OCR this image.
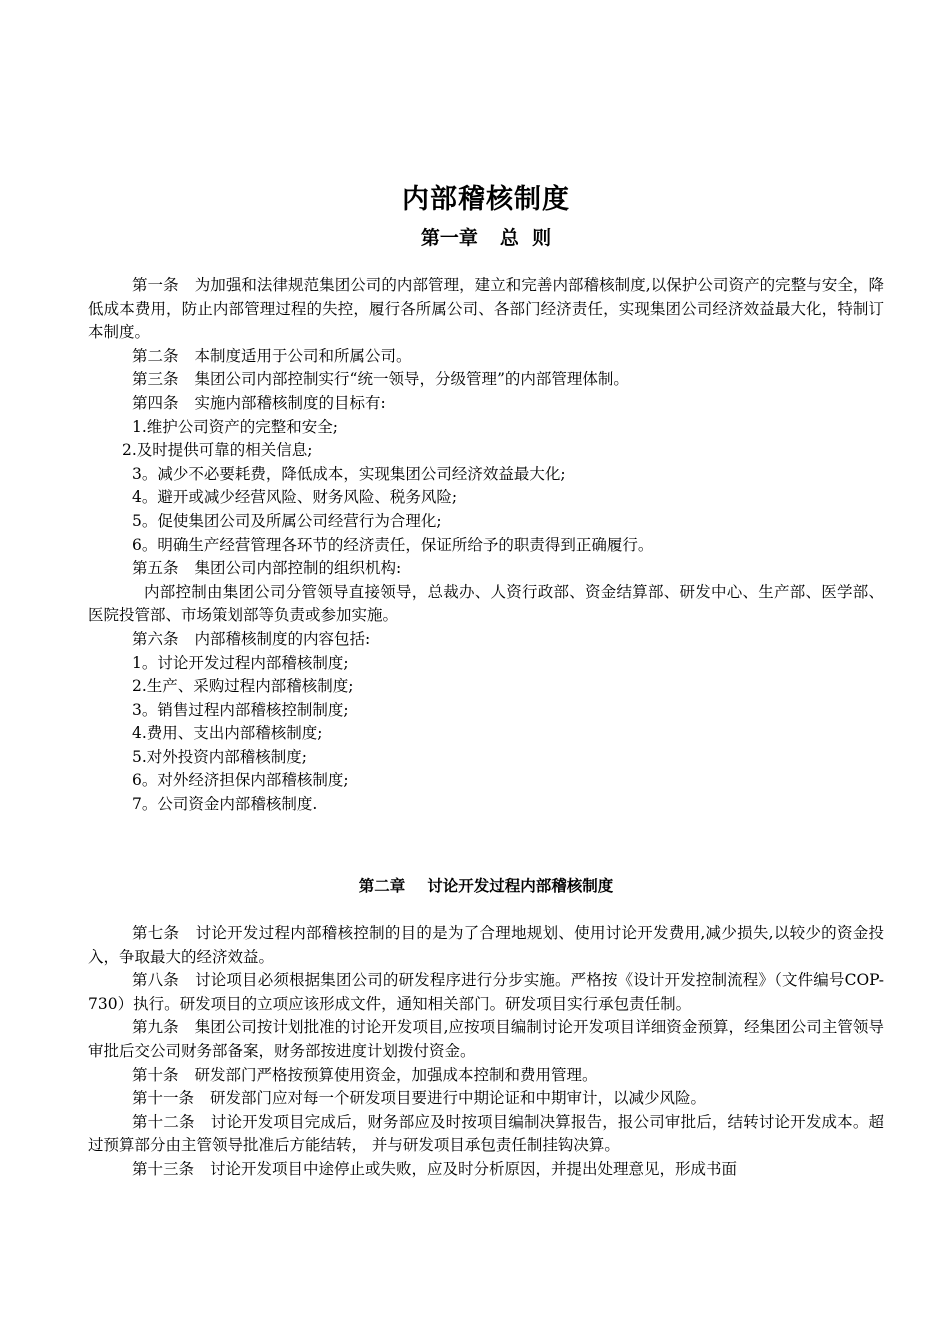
内部稽核制度
第一章 总  则

第一条 为加强和法律规范集团公司的内部管理，建立和完善内部稽核制度,以保护公司资产的完整与安全，降低成本费用，防止内部管理过程的失控，履行各所属公司、各部门经济责任，实现集团公司经济效益最大化，特制订本制度。

第二条 本制度适用于公司和所属公司。

第三条 集团公司内部控制实行“统一领导，分级管理”的内部管理体制。

第四条 实施内部稽核制度的目标有:

1.维护公司资产的完整和安全;

2.及时提供可靠的相关信息;

3。减少不必要耗费，降低成本，实现集团公司经济效益最大化;

4。避开或减少经营风险、财务风险、税务风险;

5。促使集团公司及所属公司经营行为合理化;

6。明确生产经营管理各环节的经济责任，保证所给予的职责得到正确履行。

第五条 集团公司内部控制的组织机构:

内部控制由集团公司分管领导直接领导，总裁办、人资行政部、资金结算部、研发中心、生产部、医学部、医院投管部、市场策划部等负责或参加实施。

第六条 内部稽核制度的内容包括:

1。讨论开发过程内部稽核制度;

2.生产、采购过程内部稽核制度;

3。销售过程内部稽核控制制度;

4.费用、支出内部稽核制度;

5.对外投资内部稽核制度;

6。对外经济担保内部稽核制度;

7。公司资金内部稽核制度.

第二章 讨论开发过程内部稽核制度

第七条 讨论开发过程内部稽核控制的目的是为了合理地规划、使用讨论开发费用,减少损失,以较少的资金投入，争取最大的经济效益。

第八条 讨论项目必须根据集团公司的研发程序进行分步实施。严格按《设计开发控制流程》（文件编号COP-730）执行。研发项目的立项应该形成文件，通知相关部门。研发项目实行承包责任制。

第九条 集团公司按计划批准的讨论开发项目,应按项目编制讨论开发项目详细资金预算，经集团公司主管领导审批后交公司财务部备案，财务部按进度计划拨付资金。

第十条 研发部门严格按预算使用资金，加强成本控制和费用管理。

第十一条 研发部门应对每一个研发项目要进行中期论证和中期审计，以减少风险。

第十二条 讨论开发项目完成后，财务部应及时按项目编制决算报告，报公司审批后，结转讨论开发成本。超过预算部分由主管领导批准后方能结转， 并与研发项目承包责任制挂钩决算。

第十三条 讨论开发项目中途停止或失败，应及时分析原因，并提出处理意见，形成书面
